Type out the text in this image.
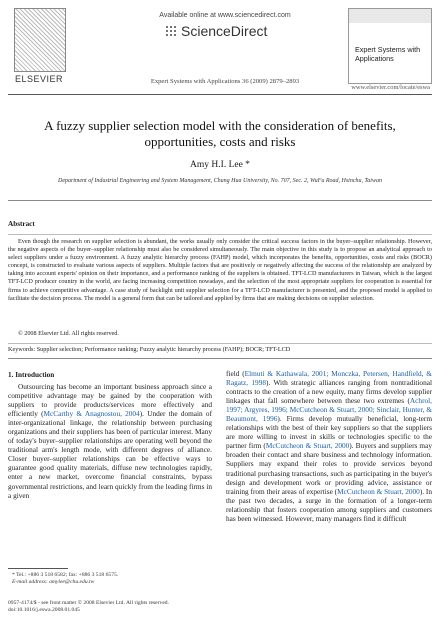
ELSEVIER
Available online at www.sciencedirect.com
ScienceDirect
Expert Systems with Applications 36 (2009) 2879–2893
Expert Systems with Applications
www.elsevier.com/locate/eswa
A fuzzy supplier selection model with the consideration of benefits, opportunities, costs and risks
Amy H.I. Lee *
Department of Industrial Engineering and System Management, Chung Hua University, No. 707, Sec. 2, WuFu Road, Hsinchu, Taiwan
Abstract
Even though the research on supplier selection is abundant, the works usually only consider the critical success factors in the buyer–supplier relationship. However, the negative aspects of the buyer–supplier relationship must also be considered simultaneously. The main objective in this study is to propose an analytical approach to select suppliers under a fuzzy environment. A fuzzy analytic hierarchy process (FAHP) model, which incorporates the benefits, opportunities, costs and risks (BOCR) concept, is constructed to evaluate various aspects of suppliers. Multiple factors that are positively or negatively affecting the success of the relationship are analyzed by taking into account experts' opinion on their importance, and a performance ranking of the suppliers is obtained. TFT-LCD manufacturers in Taiwan, which is the largest TFT-LCD producer country in the world, are facing increasing competition nowadays, and the selection of the most appropriate suppliers for cooperation is essential for firms to achieve competitive advantage. A case study of backlight unit supplier selection for a TFT-LCD manufacturer is presented, and the proposed model is applied to facilitate the decision process. The model is a general form that can be tailored and applied by firms that are making decisions on supplier selection.
© 2008 Elsevier Ltd. All rights reserved.
Keywords: Supplier selection; Performance ranking; Fuzzy analytic hierarchy process (FAHP); BOCR; TFT-LCD
1. Introduction
Outsourcing has become an important business approach since a competitive advantage may be gained by the cooperation with suppliers to provide products/services more effectively and efficiently (McCarthy & Anagnostou, 2004). Under the domain of inter-organizational linkage, the relationship between purchasing organizations and their suppliers has been of particular interest. Many of today's buyer–supplier relationships are operating well beyond the traditional arm's length mode, with different degrees of alliance. Closer buyer–supplier relationships can be effective ways to guarantee good quality materials, diffuse new technologies rapidly, enter a new market, overcome financial constraints, bypass governmental restrictions, and learn quickly from the leading firms in a given
field (Elmuti & Kathawala, 2001; Monczka, Petersen, Handfield, & Ragatz, 1998). With strategic alliances ranging from nontraditional contracts to the creation of a new equity, many firms develop supplier linkages that fall somewhere between these two extremes (Achrol, 1997; Argyres, 1996; McCutcheon & Stuart, 2000; Sinclair, Hunter, & Beaumont, 1996). Firms develop mutually beneficial, long-term relationships with the best of their key suppliers so that the suppliers are more willing to invest in skills or technologies specific to the partner firm (McCutcheon & Stuart, 2000). Buyers and suppliers may broaden their contact and share business and technology information. Suppliers may expand their roles to provide services beyond traditional purchasing transactions, such as participating in the buyer's design and development work or providing advice, assistance or training from their areas of expertise (McCutcheon & Stuart, 2000). In the past two decades, a surge in the formation of a longer-term relationship that fosters cooperation among suppliers and customers has been witnessed. However, many managers find it difficult
* Tel.: +886 3 518 6582; fax: +886 3 518 6575.
E-mail address: amylee@chu.edu.tw
0957-4174/$ - see front matter © 2008 Elsevier Ltd. All rights reserved.
doi:10.1016/j.eswa.2008.01.045
